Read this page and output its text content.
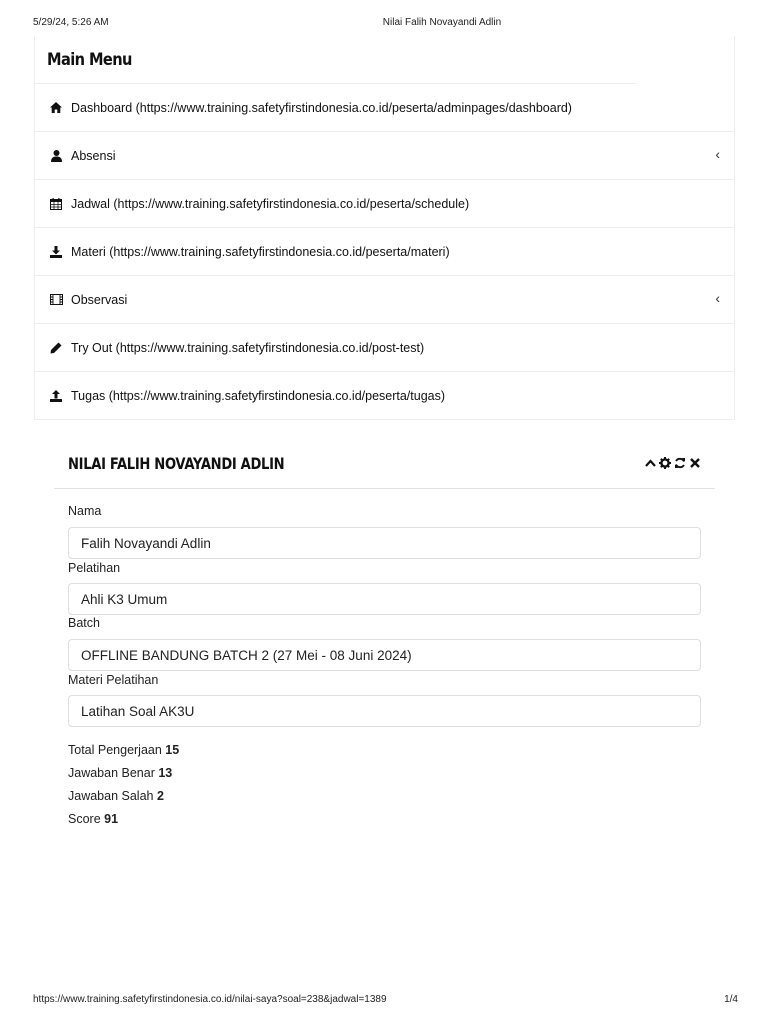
5/29/24, 5:26 AM	Nilai Falih Novayandi Adlin
Main Menu
Dashboard (https://www.training.safetyfirstindonesia.co.id/peserta/adminpages/dashboard)
Absensi	‹
Jadwal (https://www.training.safetyfirstindonesia.co.id/peserta/schedule)
Materi (https://www.training.safetyfirstindonesia.co.id/peserta/materi)
Observasi	‹
Try Out (https://www.training.safetyfirstindonesia.co.id/post-test)
Tugas (https://www.training.safetyfirstindonesia.co.id/peserta/tugas)
NILAI FALIH NOVAYANDI ADLIN
Nama
Falih Novayandi Adlin
Pelatihan
Ahli K3 Umum
Batch
OFFLINE BANDUNG BATCH 2 (27 Mei - 08 Juni 2024)
Materi Pelatihan
Latihan Soal AK3U
Total Pengerjaan 15
Jawaban Benar 13
Jawaban Salah 2
Score 91
https://www.training.safetyfirstindonesia.co.id/nilai-saya?soal=238&jadwal=1389	1/4
